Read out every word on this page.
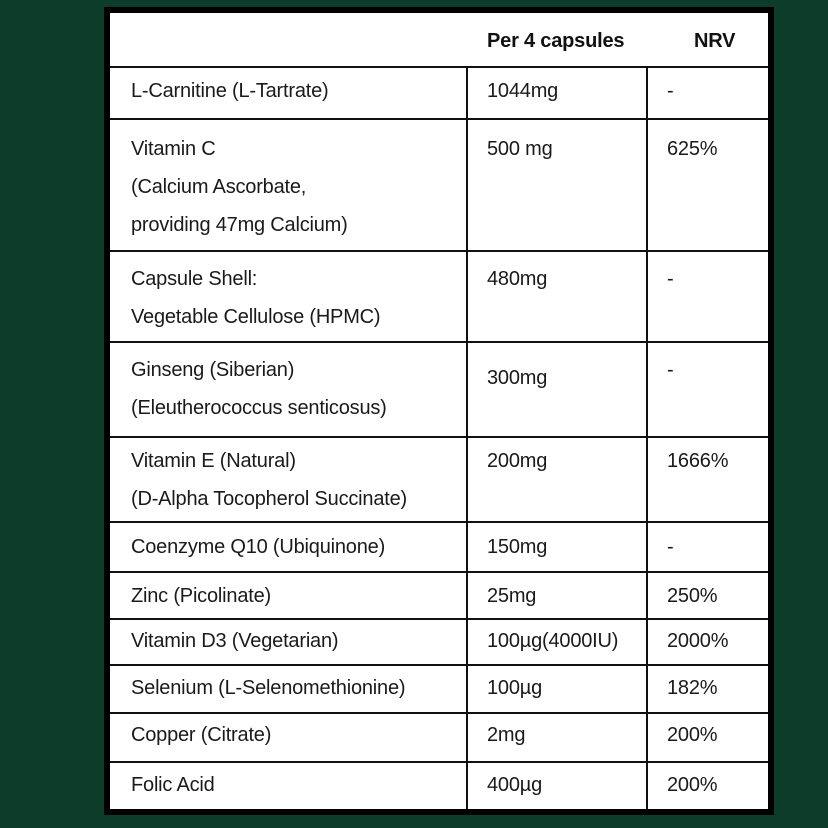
Per 4 capsules	NRV
L-Carnitine (L-Tartrate)	1044mg	-
Vitamin C
(Calcium Ascorbate,
providing 47mg Calcium)
500 mg	625%
Capsule Shell:
Vegetable Cellulose (HPMC)
480mg	-
Ginseng (Siberian)
(Eleutherococcus senticosus)
300mg	-
Vitamin E (Natural)
(D-Alpha Tocopherol Succinate)
200mg	1666%
Coenzyme Q10 (Ubiquinone)	150mg	-
Zinc (Picolinate)	25mg	250%
Vitamin D3 (Vegetarian)	100µg(4000IU)	2000%
Selenium (L-Selenomethionine)	100µg	182%
Copper (Citrate)	2mg	200%
Folic Acid	400µg	200%
